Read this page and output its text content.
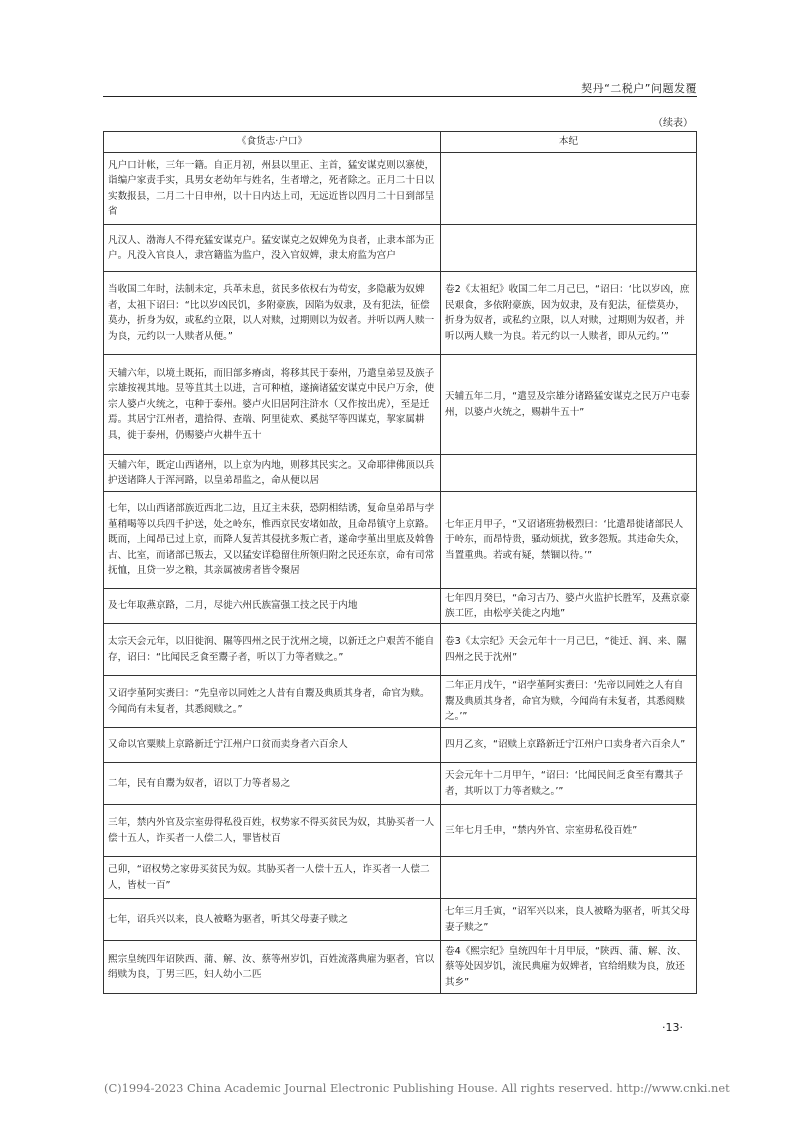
契丹“二税户”问题发覆
（续表）
《食货志·户口》	本纪
凡户口计帐，三年一籍。自正月初，州县以里正、主首，猛安谋克则以寨使，诣编户家责手实，具男女老幼年与姓名，生者增之，死者除之。正月二十日以实数报县，二月二十日申州，以十日内达上司，无远近皆以四月二十日到部呈省	
凡汉人、渤海人不得充猛安谋克户。猛安谋克之奴婢免为良者，止隶本部为正户。凡没入官良人，隶宫籍监为监户，没入官奴婢，隶太府监为宫户	
当收国二年时，法制未定，兵革未息，贫民多依权右为苟安，多隐蔽为奴婢者，太祖下诏曰：“比以岁凶民饥，多附豪族，因陷为奴隶，及有犯法，征偿莫办，折身为奴，或私约立限，以人对赎，过期则以为奴者。并听以两人赎一为良，元约以一人赎者从便。”	卷2《太祖纪》收国二年二月己巳，“诏曰：‘比以岁凶，庶民艰食，多依附豪族，因为奴隶，及有犯法，征偿莫办，折身为奴者，或私约立限，以人对赎，过期则为奴者，并听以两人赎一为良。若元约以一人赎者，即从元约。’”
天辅六年，以境土既拓，而旧部多瘠卤，将移其民于泰州，乃遣皇弟昱及族子宗雄按视其地。昱等苴其土以进，言可种植，遂摘诸猛安谋克中民户万余，使宗人婆卢火统之，屯种于泰州。婆卢火旧居阿注浒水（又作按出虎），至是迁焉。其居宁江州者，遣拾得、查端、阿里徒欢、奚挞罕等四谋克，挈家属耕具，徙于泰州，仍赐婆卢火耕牛五十	天辅五年二月，“遣昱及宗雄分诸路猛安谋克之民万户屯泰州，以婆卢火统之，赐耕牛五十”
天辅六年，既定山西诸州，以上京为内地，则移其民实之。又命耶律佛顶以兵护送诸降人于浑河路，以皇弟昂监之，命从便以居	
七年，以山西诸部族近西北二边，且辽主未获，恐阴相结诱，复命皇弟昂与孛堇稍喝等以兵四千护送，处之岭东，惟西京民安堵如故，且命昂镇守上京路。既而，上闻昂已过上京，而降人复苦其侵扰多叛亡者，遂命孛堇出里底及斡鲁古、比室，而诸部已叛去，又以猛安详稳留住所领归附之民还东京，命有司常抚恤，且贷一岁之粮，其亲属被虏者皆令聚居	七年正月甲子，“又诏诸班勃极烈曰：‘比遣昂徙诸部民人于岭东，而昂恃贵，骚动烦扰，致多怨叛。其违命失众，当置重典。若或有疑，禁锢以待。’”
及七年取燕京路，二月，尽徙六州氏族富强工技之民于内地	七年四月癸巳，“命习古乃、婆卢火监护长胜军，及燕京豪族工匠，由松亭关徙之内地”
太宗天会元年，以旧徙润、隰等四州之民于沈州之境，以新迁之户艰苦不能自存，诏曰：“比闻民乏食至鬻子者，听以丁力等者赎之。”	卷3《太宗纪》天会元年十一月己巳，“徙迁、润、来、隰四州之民于沈州”
又诏孛堇阿实赉曰：“先皇帝以同姓之人昔有自鬻及典质其身者，命官为赎。今闻尚有未复者，其悉阅赎之。”	二年正月戊午，“诏孛堇阿实赉曰：‘先帝以同姓之人有自鬻及典质其身者，命官为赎，今闻尚有未复者，其悉阅赎之。’”
又命以官粟赎上京路新迁宁江州户口贫而卖身者六百余人	四月乙亥，“诏赎上京路新迁宁江州户口卖身者六百余人”
二年，民有自鬻为奴者，诏以丁力等者易之	天会元年十二月甲午，“诏曰：‘比闻民间乏食至有鬻其子者，其听以丁力等者赎之。’”
三年，禁内外官及宗室毋得私役百姓，权势家不得买贫民为奴，其胁买者一人偿十五人，诈买者一人偿二人，罪皆杖百	三年七月壬申，“禁内外官、宗室毋私役百姓”
己卯，“诏权势之家毋买贫民为奴。其胁买者一人偿十五人，诈买者一人偿二人，皆杖一百”	
七年，诏兵兴以来，良人被略为驱者，听其父母妻子赎之	七年三月壬寅，“诏军兴以来，良人被略为驱者，听其父母妻子赎之”
熙宗皇统四年诏陕西、蒲、解、汝、蔡等州岁饥，百姓流落典雇为驱者，官以绢赎为良，丁男三匹，妇人幼小二匹	卷4《熙宗纪》皇统四年十月甲辰，“陕西、蒲、解、汝、蔡等处因岁饥，流民典雇为奴婢者，官给绢赎为良，放还其乡”
·13·
(C)1994-2023 China Academic Journal Electronic Publishing House. All rights reserved. http://www.cnki.net
